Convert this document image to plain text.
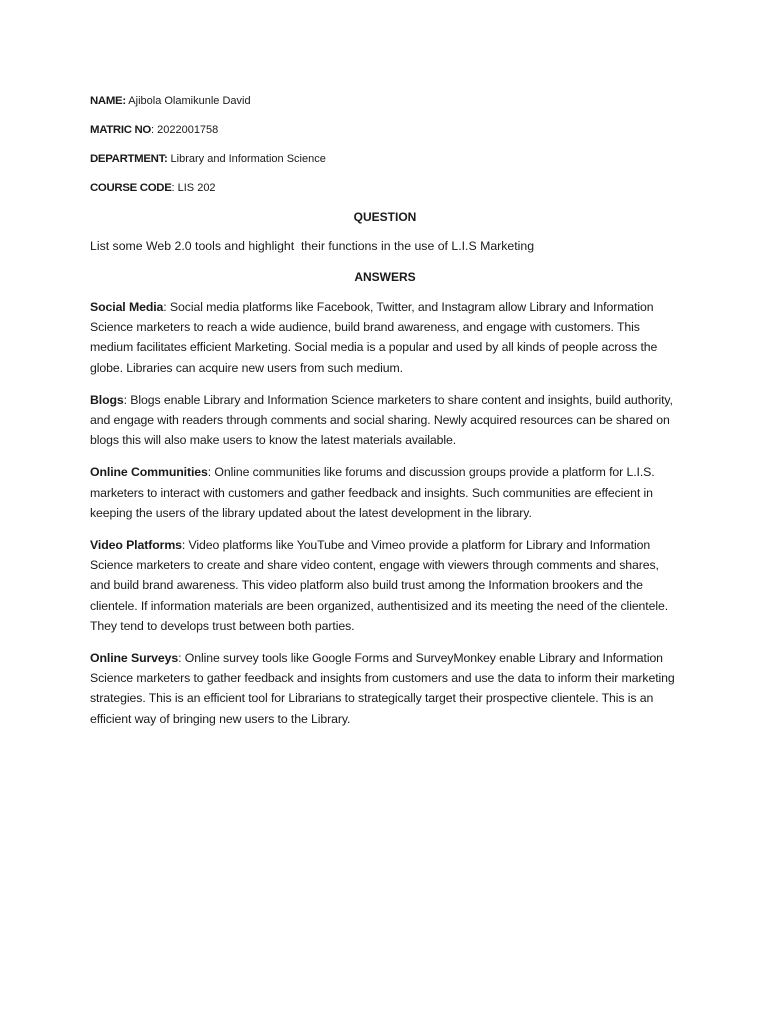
NAME: Ajibola Olamikunle David
MATRIC NO: 2022001758
DEPARTMENT: Library and Information Science
COURSE CODE: LIS 202
QUESTION
List some Web 2.0 tools and highlight  their functions in the use of L.I.S Marketing
ANSWERS

Social Media: Social media platforms like Facebook, Twitter, and Instagram allow Library and Information Science marketers to reach a wide audience, build brand awareness, and engage with customers. This medium facilitates efficient Marketing. Social media is a popular and used by all kinds of people across the globe. Libraries can acquire new users from such medium.

Blogs: Blogs enable Library and Information Science marketers to share content and insights, build authority, and engage with readers through comments and social sharing. Newly acquired resources can be shared on blogs this will also make users to know the latest materials available.

Online Communities: Online communities like forums and discussion groups provide a platform for L.I.S. marketers to interact with customers and gather feedback and insights. Such communities are effecient in keeping the users of the library updated about the latest development in the library.

Video Platforms: Video platforms like YouTube and Vimeo provide a platform for Library and Information Science marketers to create and share video content, engage with viewers through comments and shares, and build brand awareness. This video platform also build trust among the Information brookers and the clientele. If information materials are been organized, authentisized and its meeting the need of the clientele. They tend to develops trust between both parties.

Online Surveys: Online survey tools like Google Forms and SurveyMonkey enable Library and Information Science marketers to gather feedback and insights from customers and use the data to inform their marketing strategies. This is an efficient tool for Librarians to strategically target their prospective clientele. This is an efficient way of bringing new users to the Library.
